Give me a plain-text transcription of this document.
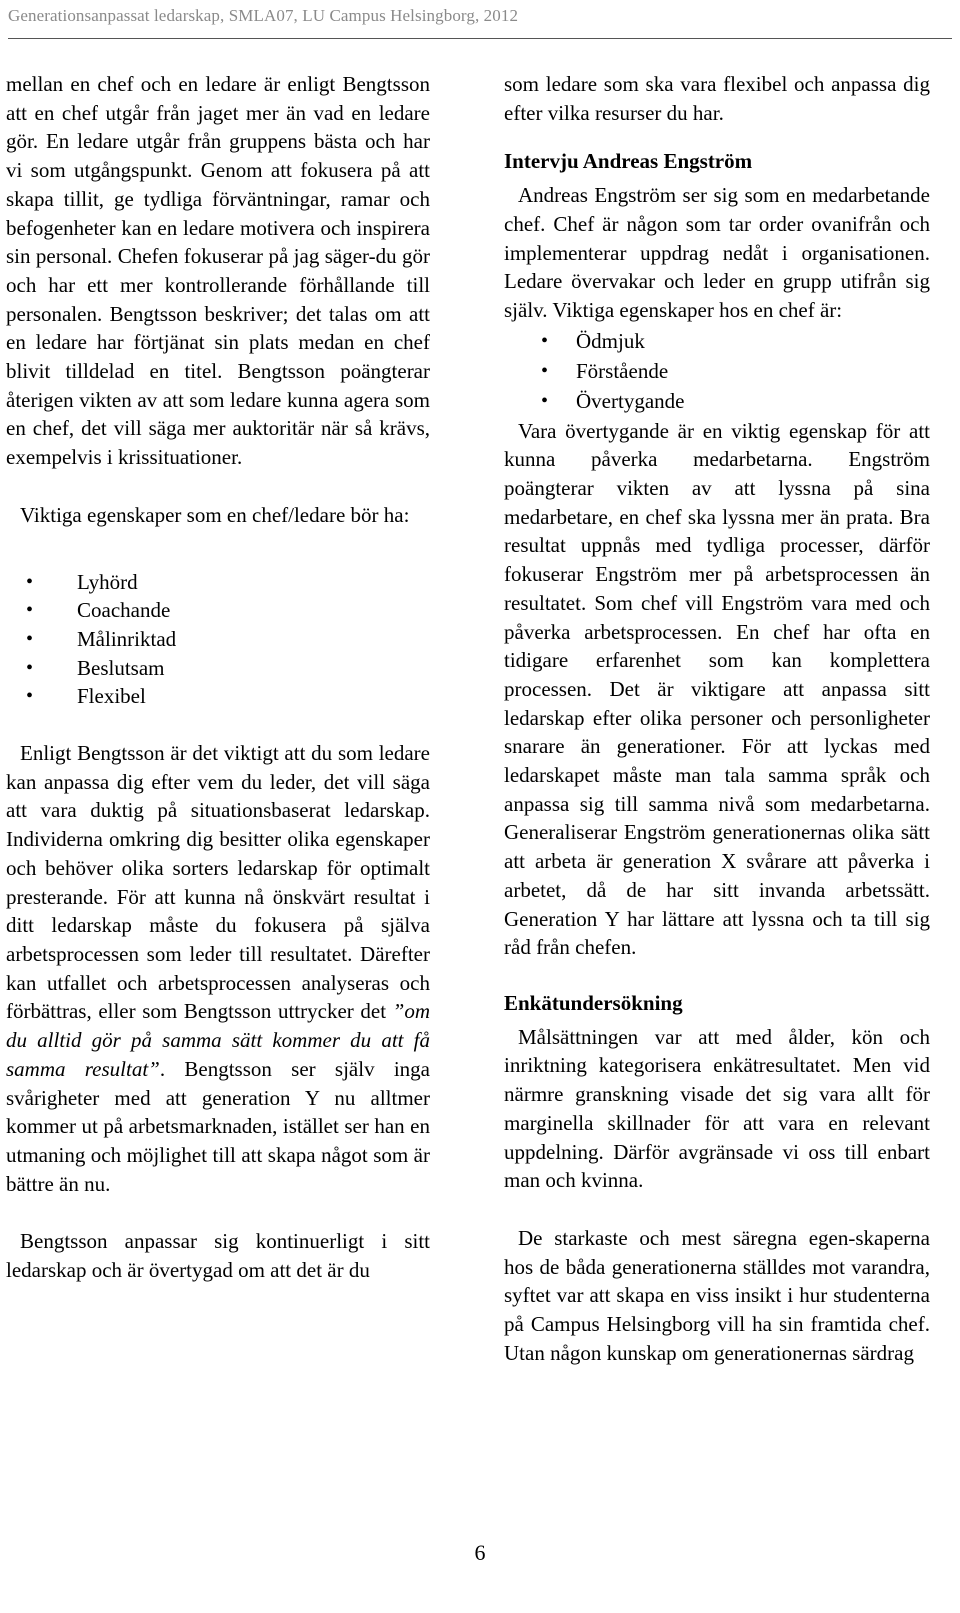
Generationsanpassat ledarskap, SMLA07, LU Campus Helsingborg, 2012

mellan en chef och en ledare är enligt Bengtsson att en chef utgår från jaget mer än vad en ledare gör. En ledare utgår från gruppens bästa och har vi som utgångspunkt. Genom att fokusera på att skapa tillit, ge tydliga förväntningar, ramar och befogenheter kan en ledare motivera och inspirera sin personal. Chefen fokuserar på jag säger-du gör och har ett mer kontrollerande förhållande till personalen. Bengtsson beskriver; det talas om att en ledare har förtjänat sin plats medan en chef blivit tilldelad en titel. Bengtsson poängterar återigen vikten av att som ledare kunna agera som en chef, det vill säga mer auktoritär när så krävs, exempelvis i krissituationer.

Viktiga egenskaper som en chef/ledare bör ha:

• Lyhörd
• Coachande
• Målinriktad
• Beslutsam
• Flexibel

Enligt Bengtsson är det viktigt att du som ledare kan anpassa dig efter vem du leder, det vill säga att vara duktig på situationsbaserat ledarskap. Individerna omkring dig besitter olika egenskaper och behöver olika sorters ledarskap för optimalt presterande. För att kunna nå önskvärt resultat i ditt ledarskap måste du fokusera på själva arbetsprocessen som leder till resultatet. Därefter kan utfallet och arbetsprocessen analyseras och förbättras, eller som Bengtsson uttrycker det ”om du alltid gör på samma sätt kommer du att få samma resultat”. Bengtsson ser själv inga svårigheter med att generation Y nu alltmer kommer ut på arbetsmarknaden, istället ser han en utmaning och möjlighet till att skapa något som är bättre än nu.

Bengtsson anpassar sig kontinuerligt i sitt ledarskap och är övertygad om att det är du

som ledare som ska vara flexibel och anpassa dig efter vilka resurser du har.

Intervju Andreas Engström

Andreas Engström ser sig som en medarbetande chef. Chef är någon som tar order ovanifrån och implementerar uppdrag nedåt i organisationen. Ledare övervakar och leder en grupp utifrån sig själv. Viktiga egenskaper hos en chef är:

• Ödmjuk
• Förstående
• Övertygande

Vara övertygande är en viktig egenskap för att kunna påverka medarbetarna. Engström poängterar vikten av att lyssna på sina medarbetare, en chef ska lyssna mer än prata. Bra resultat uppnås med tydliga processer, därför fokuserar Engström mer på arbetsprocessen än resultatet. Som chef vill Engström vara med och påverka arbetsprocessen. En chef har ofta en tidigare erfarenhet som kan komplettera processen. Det är viktigare att anpassa sitt ledarskap efter olika personer och personligheter snarare än generationer. För att lyckas med ledarskapet måste man tala samma språk och anpassa sig till samma nivå som medarbetarna. Generaliserar Engström generationernas olika sätt att arbeta är generation X svårare att påverka i arbetet, då de har sitt invanda arbetssätt. Generation Y har lättare att lyssna och ta till sig råd från chefen.

Enkätundersökning

Målsättningen var att med ålder, kön och inriktning kategorisera enkätresultatet. Men vid närmre granskning visade det sig vara allt för marginella skillnader för att vara en relevant uppdelning. Därför avgränsade vi oss till enbart man och kvinna.

De starkaste och mest säregna egen-skaperna hos de båda generationerna ställdes mot varandra, syftet var att skapa en viss insikt i hur studenterna på Campus Helsingborg vill ha sin framtida chef. Utan någon kunskap om generationernas särdrag

6
